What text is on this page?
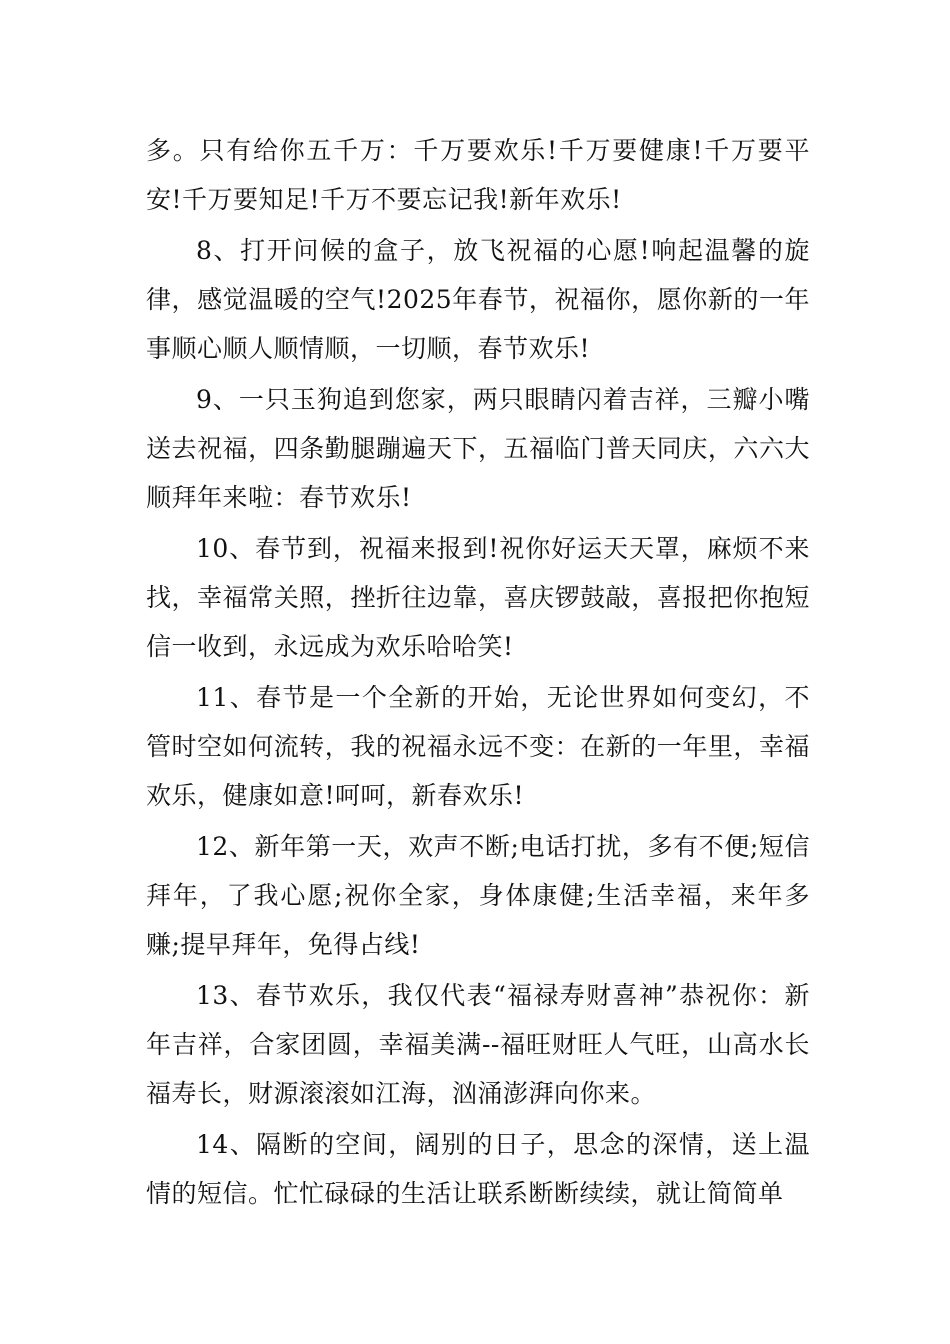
多。只有给你五千万：千万要欢乐!千万要健康!千万要平安!千万要知足!千万不要忘记我!新年欢乐!

8、打开问候的盒子，放飞祝福的心愿!响起温馨的旋律，感觉温暖的空气!2025年春节，祝福你，愿你新的一年事顺心顺人顺情顺，一切顺，春节欢乐!

9、一只玉狗追到您家，两只眼睛闪着吉祥，三瓣小嘴送去祝福，四条勤腿蹦遍天下，五福临门普天同庆，六六大顺拜年来啦：春节欢乐!

10、春节到，祝福来报到!祝你好运天天罩，麻烦不来找，幸福常关照，挫折往边靠，喜庆锣鼓敲，喜报把你抱短信一收到，永远成为欢乐哈哈笑!

11、春节是一个全新的开始，无论世界如何变幻，不管时空如何流转，我的祝福永远不变：在新的一年里，幸福欢乐，健康如意!呵呵，新春欢乐!

12、新年第一天，欢声不断;电话打扰，多有不便;短信拜年，了我心愿;祝你全家，身体康健;生活幸福，来年多赚;提早拜年，免得占线!

13、春节欢乐，我仅代表“福禄寿财喜神”恭祝你：新年吉祥，合家团圆，幸福美满--福旺财旺人气旺，山高水长福寿长，财源滚滚如江海，汹涌澎湃向你来。

14、隔断的空间，阔别的日子，思念的深情，送上温情的短信。忙忙碌碌的生活让联系断断续续，就让简简单
